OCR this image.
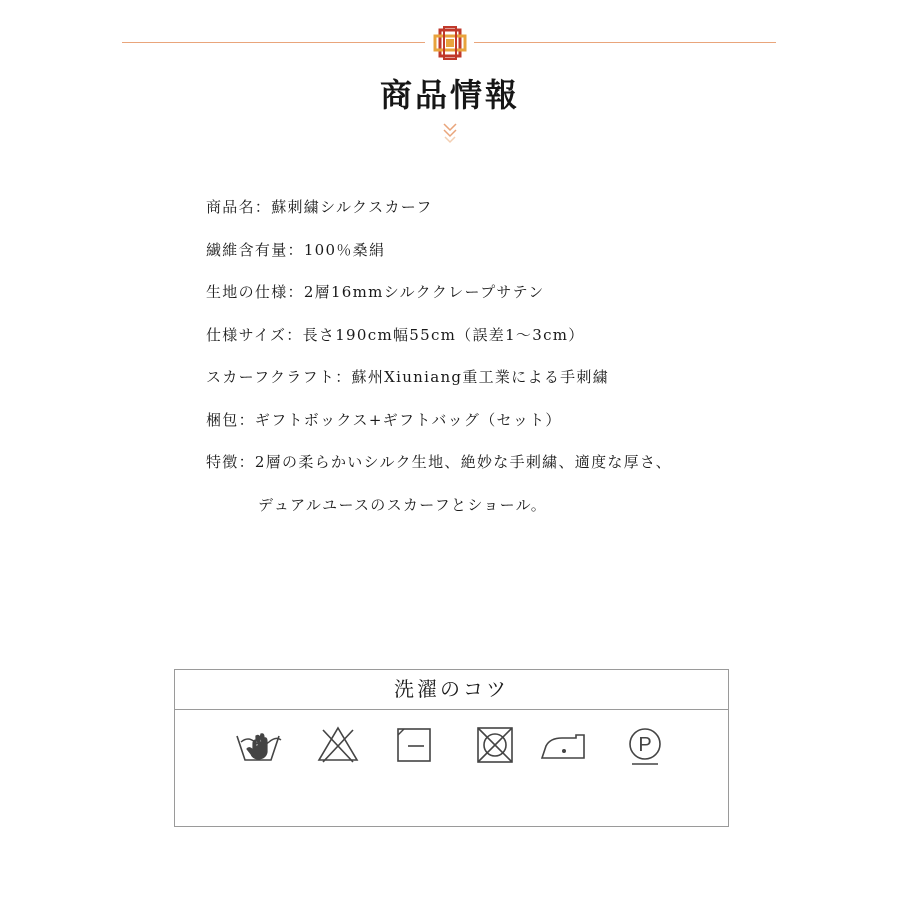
商品情報
商品名：蘇刺繍シルクスカーフ
繊維含有量：100％桑絹
生地の仕様：2層16mmシルククレープサテン
仕様サイズ：長さ190cm幅55cm（誤差1～3cm）
スカーフクラフト：蘇州Xiuniang重工業による手刺繍
梱包：ギフトボックス+ギフトバッグ（セット）
特徴：2層の柔らかいシルク生地、絶妙な手刺繍、適度な厚さ、
デュアルユースのスカーフとショール。
洗濯のコツ
P
